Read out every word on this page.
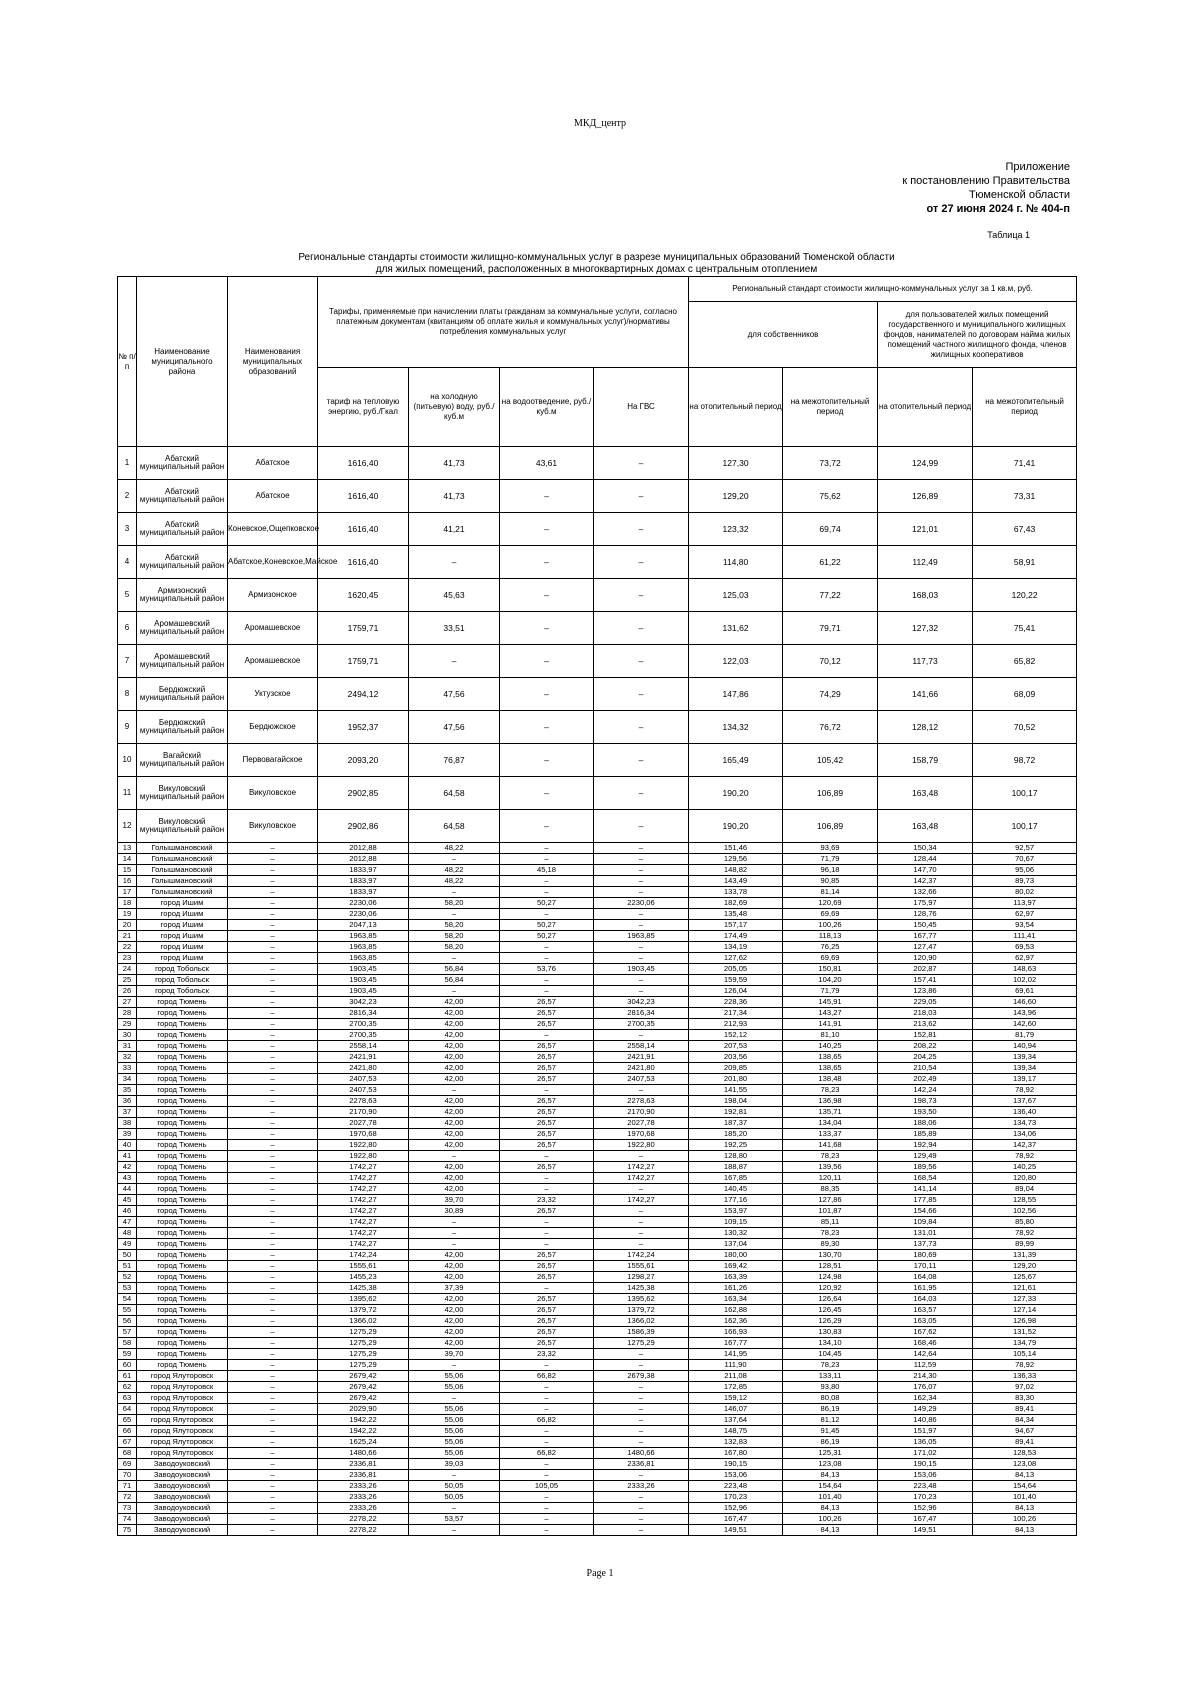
МКД_центр
Приложение
к постановлению Правительства
Тюменской области
от 27 июня 2024 г. № 404-п
Таблица 1
Региональные стандарты стоимости жилищно-коммунальных услуг в разрезе муниципальных образований Тюменской области
для жилых помещений, расположенных в многоквартирных домах с центральным отоплением
№ п/п	Наименование муниципального района	Наименования муниципальных образований	Тарифы, применяемые при начислении платы гражданам за коммунальные услуги, согласно платежным документам (квитанциям об оплате жилья и коммунальных услуг)/нормативы потребления коммунальных услуг				Региональный стандарт стоимости жилищно-коммунальных услуг за 1 кв.м, руб.			
							для собственников		для пользователей жилых помещений государственного и муниципального жилищных фондов, нанимателей по договорам найма жилых помещений частного жилищного фонда, членов жилищных кооперативов	
			тариф на тепловую энергию, руб./Гкал	на холодную (питьевую) воду, руб./куб.м	на водоотведение, руб./куб.м	На ГВС	на отопительный период	на межотопительный период	на отопительный период	на межотопительный период
1	Абатский муниципальный район	Абатское	1616,40	41,73	43,61	–	127,30	73,72	124,99	71,41
2	Абатский муниципальный район	Абатское	1616,40	41,73	–	–	129,20	75,62	126,89	73,31
3	Абатский муниципальный район	Коневское,Ощепковское	1616,40	41,21	–	–	123,32	69,74	121,01	67,43
4	Абатский муниципальный район	Абатское,Коневское,Майское	1616,40	–	–	–	114,80	61,22	112,49	58,91
5	Армизонский муниципальный район	Армизонское	1620,45	45,63	–	–	125,03	77,22	168,03	120,22
6	Аромашевский муниципальный район	Аромашевское	1759,71	33,51	–	–	131,62	79,71	127,32	75,41
7	Аромашевский муниципальный район	Аромашевское	1759,71	–	–	–	122,03	70,12	117,73	65,82
8	Бердюжский муниципальный район	Уктузское	2494,12	47,56	–	–	147,86	74,29	141,66	68,09
9	Бердюжский муниципальный район	Бердюжское	1952,37	47,56	–	–	134,32	76,72	128,12	70,52
10	Вагайский муниципальный район	Первовагайское	2093,20	76,87	–	–	165,49	105,42	158,79	98,72
11	Викуловский муниципальный район	Викуловское	2902,85	64,58	–	–	190,20	106,89	163,48	100,17
12	Викуловский муниципальный район	Викуловское	2902,86	64,58	–	–	190,20	106,89	163,48	100,17
13	Голышмановский	–	2012,88	48,22	–	–	151,46	93,69	150,34	92,57
14	Голышмановский	–	2012,88	–	–	–	129,56	71,79	128,44	70,67
15	Голышмановский	–	1833,97	48,22	45,18	–	148,82	96,18	147,70	95,06
16	Голышмановский	–	1833,97	48,22	–	–	143,49	90,85	142,37	89,73
17	Голышмановский	–	1833,97	–	–	–	133,78	81,14	132,66	80,02
18	город Ишим	–	2230,06	58,20	50,27	2230,06	182,69	120,69	175,97	113,97
19	город Ишим	–	2230,06	–	–	–	135,48	69,69	128,76	62,97
20	город Ишим	–	2047,13	58,20	50,27	–	157,17	100,26	150,45	93,54
21	город Ишим	–	1963,85	58,20	50,27	1963,85	174,49	118,13	167,77	111,41
22	город Ишим	–	1963,85	58,20	–	–	134,19	76,25	127,47	69,53
23	город Ишим	–	1963,85	–	–	–	127,62	69,69	120,90	62,97
24	город Тобольск	–	1903,45	56,84	53,76	1903,45	205,05	150,81	202,87	148,63
25	город Тобольск	–	1903,45	56,84	–	–	159,59	104,20	157,41	102,02
26	город Тобольск	–	1903,45	–	–	–	126,04	71,79	123,86	69,61
27	город Тюмень	–	3042,23	42,00	26,57	3042,23	228,36	145,91	229,05	146,60
28	город Тюмень	–	2816,34	42,00	26,57	2816,34	217,34	143,27	218,03	143,96
29	город Тюмень	–	2700,35	42,00	26,57	2700,35	212,93	141,91	213,62	142,60
30	город Тюмень	–	2700,35	42,00	–	–	152,12	81,10	152,81	81,79
31	город Тюмень	–	2558,14	42,00	26,57	2558,14	207,53	140,25	208,22	140,94
32	город Тюмень	–	2421,91	42,00	26,57	2421,91	203,56	138,65	204,25	139,34
33	город Тюмень	–	2421,80	42,00	26,57	2421,80	209,85	138,65	210,54	139,34
34	город Тюмень	–	2407,53	42,00	26,57	2407,53	201,80	138,48	202,49	139,17
35	город Тюмень	–	2407,53	–	–	–	141,55	78,23	142,24	78,92
36	город Тюмень	–	2278,63	42,00	26,57	2278,63	198,04	136,98	198,73	137,67
37	город Тюмень	–	2170,90	42,00	26,57	2170,90	192,81	135,71	193,50	136,40
38	город Тюмень	–	2027,78	42,00	26,57	2027,78	187,37	134,04	188,06	134,73
39	город Тюмень	–	1970,68	42,00	26,57	1970,68	185,20	133,37	185,89	134,06
40	город Тюмень	–	1922,80	42,00	26,57	1922,80	192,25	141,68	192,94	142,37
41	город Тюмень	–	1922,80	–	–	–	128,80	78,23	129,49	78,92
42	город Тюмень	–	1742,27	42,00	26,57	1742,27	188,87	139,56	189,56	140,25
43	город Тюмень	–	1742,27	42,00	–	1742,27	167,85	120,11	168,54	120,80
44	город Тюмень	–	1742,27	42,00	–	–	140,45	88,35	141,14	89,04
45	город Тюмень	–	1742,27	39,70	23,32	1742,27	177,16	127,86	177,85	128,55
46	город Тюмень	–	1742,27	30,89	26,57	–	153,97	101,87	154,66	102,56
47	город Тюмень	–	1742,27	–	–	–	109,15	85,11	109,84	85,80
48	город Тюмень	–	1742,27	–	–	–	130,32	78,23	131,01	78,92
49	город Тюмень	–	1742,27	–	–	–	137,04	89,30	137,73	89,99
50	город Тюмень	–	1742,24	42,00	26,57	1742,24	180,00	130,70	180,69	131,39
51	город Тюмень	–	1555,61	42,00	26,57	1555,61	169,42	128,51	170,11	129,20
52	город Тюмень	–	1455,23	42,00	26,57	1298,27	163,39	124,98	164,08	125,67
53	город Тюмень	–	1425,38	37,39	–	1425,38	161,26	120,92	161,95	121,61
54	город Тюмень	–	1395,62	42,00	26,57	1395,62	163,34	126,64	164,03	127,33
55	город Тюмень	–	1379,72	42,00	26,57	1379,72	162,88	126,45	163,57	127,14
56	город Тюмень	–	1366,02	42,00	26,57	1366,02	162,36	126,29	163,05	126,98
57	город Тюмень	–	1275,29	42,00	26,57	1586,39	166,93	130,83	167,62	131,52
58	город Тюмень	–	1275,29	42,00	26,57	1275,29	167,77	134,10	168,46	134,79
59	город Тюмень	–	1275,29	39,70	23,32	–	141,95	104,45	142,64	105,14
60	город Тюмень	–	1275,29	–	–	–	111,90	78,23	112,59	78,92
61	город Ялуторовск	–	2679,42	55,06	66,82	2679,38	211,08	133,11	214,30	136,33
62	город Ялуторовск	–	2679,42	55,06	–	–	172,85	93,80	176,07	97,02
63	город Ялуторовск	–	2679,42	–	–	–	159,12	80,08	162,34	83,30
64	город Ялуторовск	–	2029,90	55,06	–	–	146,07	86,19	149,29	89,41
65	город Ялуторовск	–	1942,22	55,06	66,82	–	137,64	81,12	140,86	84,34
66	город Ялуторовск	–	1942,22	55,06	–	–	148,75	91,45	151,97	94,67
67	город Ялуторовск	–	1625,24	55,06	–	–	132,83	86,19	136,05	89,41
68	город Ялуторовск	–	1480,66	55,06	66,82	1480,66	167,80	125,31	171,02	128,53
69	Заводоуковский	–	2336,81	39,03	–	2336,81	190,15	123,08	190,15	123,08
70	Заводоуковский	–	2336,81	–	–	–	153,06	84,13	153,06	84,13
71	Заводоуковский	–	2333,26	50,05	105,05	2333,26	223,48	154,64	223,48	154,64
72	Заводоуковский	–	2333,26	50,05	–	–	170,23	101,40	170,23	101,40
73	Заводоуковский	–	2333,26	–	–	–	152,96	84,13	152,96	84,13
74	Заводоуковский	–	2278,22	53,57	–	–	167,47	100,26	167,47	100,26
75	Заводоуковский	–	2278,22	–	–	–	149,51	84,13	149,51	84,13
Page 1
